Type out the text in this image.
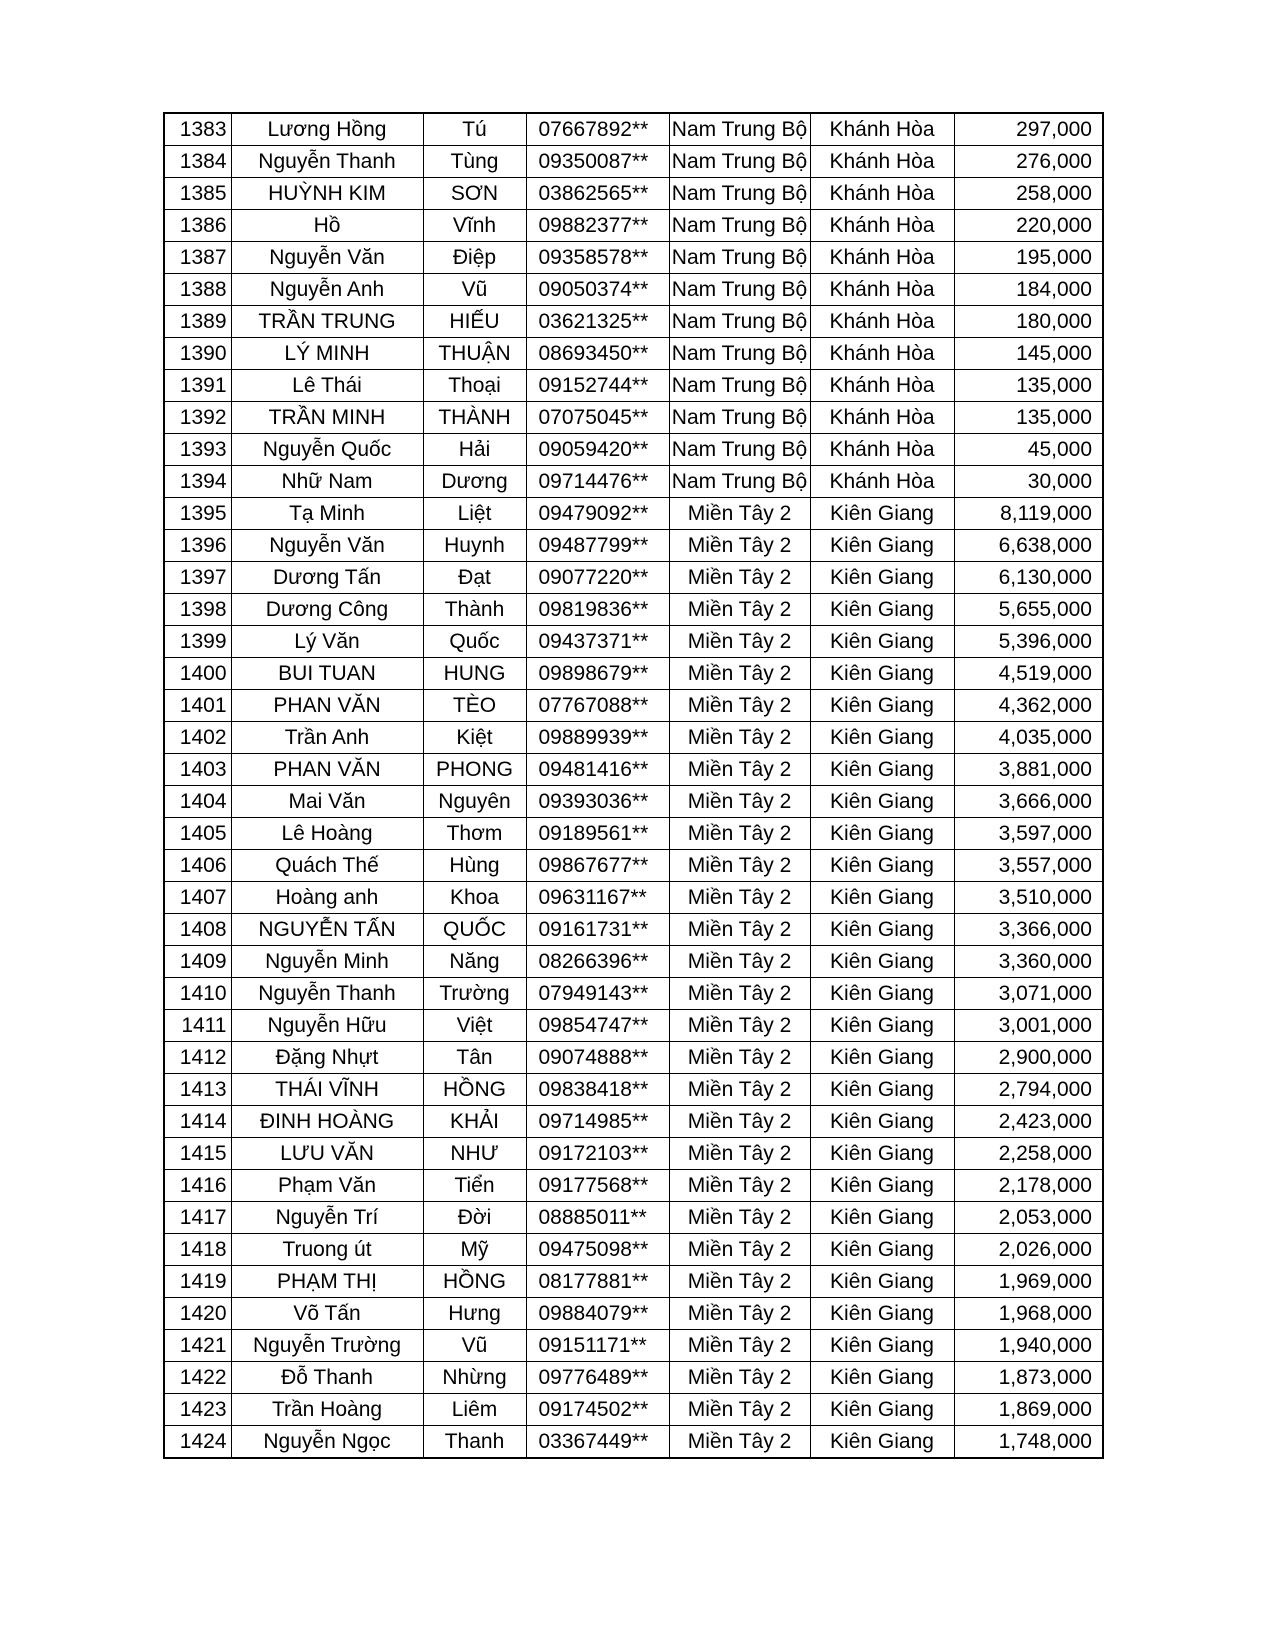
1383	Lương Hồng	Tú	07667892**	Nam Trung Bộ	Khánh Hòa	297,000
1384	Nguyễn Thanh	Tùng	09350087**	Nam Trung Bộ	Khánh Hòa	276,000
1385	HUỲNH KIM	SƠN	03862565**	Nam Trung Bộ	Khánh Hòa	258,000
1386	Hồ	Vĩnh	09882377**	Nam Trung Bộ	Khánh Hòa	220,000
1387	Nguyễn Văn	Điệp	09358578**	Nam Trung Bộ	Khánh Hòa	195,000
1388	Nguyễn Anh	Vũ	09050374**	Nam Trung Bộ	Khánh Hòa	184,000
1389	TRẦN TRUNG	HIẾU	03621325**	Nam Trung Bộ	Khánh Hòa	180,000
1390	LÝ MINH	THUẬN	08693450**	Nam Trung Bộ	Khánh Hòa	145,000
1391	Lê Thái	Thoại	09152744**	Nam Trung Bộ	Khánh Hòa	135,000
1392	TRẦN MINH	THÀNH	07075045**	Nam Trung Bộ	Khánh Hòa	135,000
1393	Nguyễn Quốc	Hải	09059420**	Nam Trung Bộ	Khánh Hòa	45,000
1394	Nhữ Nam	Dương	09714476**	Nam Trung Bộ	Khánh Hòa	30,000
1395	Tạ Minh	Liệt	09479092**	Miền Tây 2	Kiên Giang	8,119,000
1396	Nguyễn Văn	Huynh	09487799**	Miền Tây 2	Kiên Giang	6,638,000
1397	Dương Tấn	Đạt	09077220**	Miền Tây 2	Kiên Giang	6,130,000
1398	Dương Công	Thành	09819836**	Miền Tây 2	Kiên Giang	5,655,000
1399	Lý Văn	Quốc	09437371**	Miền Tây 2	Kiên Giang	5,396,000
1400	BUI TUAN	HUNG	09898679**	Miền Tây 2	Kiên Giang	4,519,000
1401	PHAN VĂN	TÈO	07767088**	Miền Tây 2	Kiên Giang	4,362,000
1402	Trần Anh	Kiệt	09889939**	Miền Tây 2	Kiên Giang	4,035,000
1403	PHAN VĂN	PHONG	09481416**	Miền Tây 2	Kiên Giang	3,881,000
1404	Mai Văn	Nguyên	09393036**	Miền Tây 2	Kiên Giang	3,666,000
1405	Lê Hoàng	Thơm	09189561**	Miền Tây 2	Kiên Giang	3,597,000
1406	Quách Thế	Hùng	09867677**	Miền Tây 2	Kiên Giang	3,557,000
1407	Hoàng anh	Khoa	09631167**	Miền Tây 2	Kiên Giang	3,510,000
1408	NGUYỄN TẤN	QUỐC	09161731**	Miền Tây 2	Kiên Giang	3,366,000
1409	Nguyễn Minh	Năng	08266396**	Miền Tây 2	Kiên Giang	3,360,000
1410	Nguyễn Thanh	Trường	07949143**	Miền Tây 2	Kiên Giang	3,071,000
1411	Nguyễn Hữu	Việt	09854747**	Miền Tây 2	Kiên Giang	3,001,000
1412	Đặng Nhựt	Tân	09074888**	Miền Tây 2	Kiên Giang	2,900,000
1413	THÁI VĨNH	HỒNG	09838418**	Miền Tây 2	Kiên Giang	2,794,000
1414	ĐINH HOÀNG	KHẢI	09714985**	Miền Tây 2	Kiên Giang	2,423,000
1415	LƯU VĂN	NHƯ	09172103**	Miền Tây 2	Kiên Giang	2,258,000
1416	Phạm Văn	Tiển	09177568**	Miền Tây 2	Kiên Giang	2,178,000
1417	Nguyễn Trí	Đời	08885011**	Miền Tây 2	Kiên Giang	2,053,000
1418	Truong út	Mỹ	09475098**	Miền Tây 2	Kiên Giang	2,026,000
1419	PHẠM THỊ	HỒNG	08177881**	Miền Tây 2	Kiên Giang	1,969,000
1420	Võ Tấn	Hưng	09884079**	Miền Tây 2	Kiên Giang	1,968,000
1421	Nguyễn Trường	Vũ	09151171**	Miền Tây 2	Kiên Giang	1,940,000
1422	Đỗ Thanh	Nhừng	09776489**	Miền Tây 2	Kiên Giang	1,873,000
1423	Trần Hoàng	Liêm	09174502**	Miền Tây 2	Kiên Giang	1,869,000
1424	Nguyễn Ngọc	Thanh	03367449**	Miền Tây 2	Kiên Giang	1,748,000
